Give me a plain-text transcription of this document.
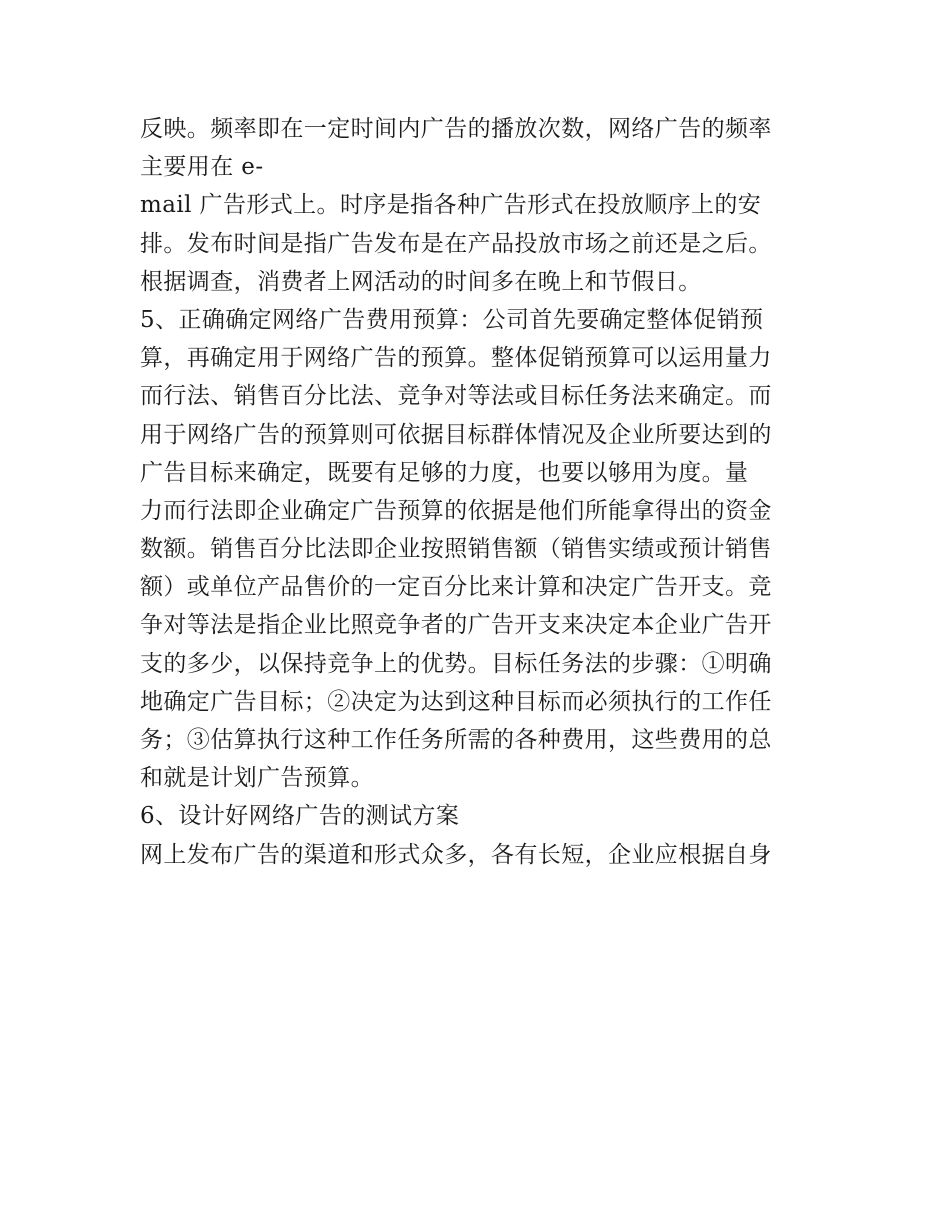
反映。频率即在一定时间内广告的播放次数，网络广告的频率
主要用在 e-
mail 广告形式上。时序是指各种广告形式在投放顺序上的安
排。发布时间是指广告发布是在产品投放市场之前还是之后。
根据调查，消费者上网活动的时间多在晚上和节假日。
5、正确确定网络广告费用预算：公司首先要确定整体促销预
算，再确定用于网络广告的预算。整体促销预算可以运用量力
而行法、销售百分比法、竞争对等法或目标任务法来确定。而
用于网络广告的预算则可依据目标群体情况及企业所要达到的
广告目标来确定，既要有足够的力度，也要以够用为度。量
力而行法即企业确定广告预算的依据是他们所能拿得出的资金
数额。销售百分比法即企业按照销售额（销售实绩或预计销售
额）或单位产品售价的一定百分比来计算和决定广告开支。竞
争对等法是指企业比照竞争者的广告开支来决定本企业广告开
支的多少，以保持竞争上的优势。目标任务法的步骤：①明确
地确定广告目标；②决定为达到这种目标而必须执行的工作任
务；③估算执行这种工作任务所需的各种费用，这些费用的总
和就是计划广告预算。
6、设计好网络广告的测试方案
网上发布广告的渠道和形式众多，各有长短，企业应根据自身
